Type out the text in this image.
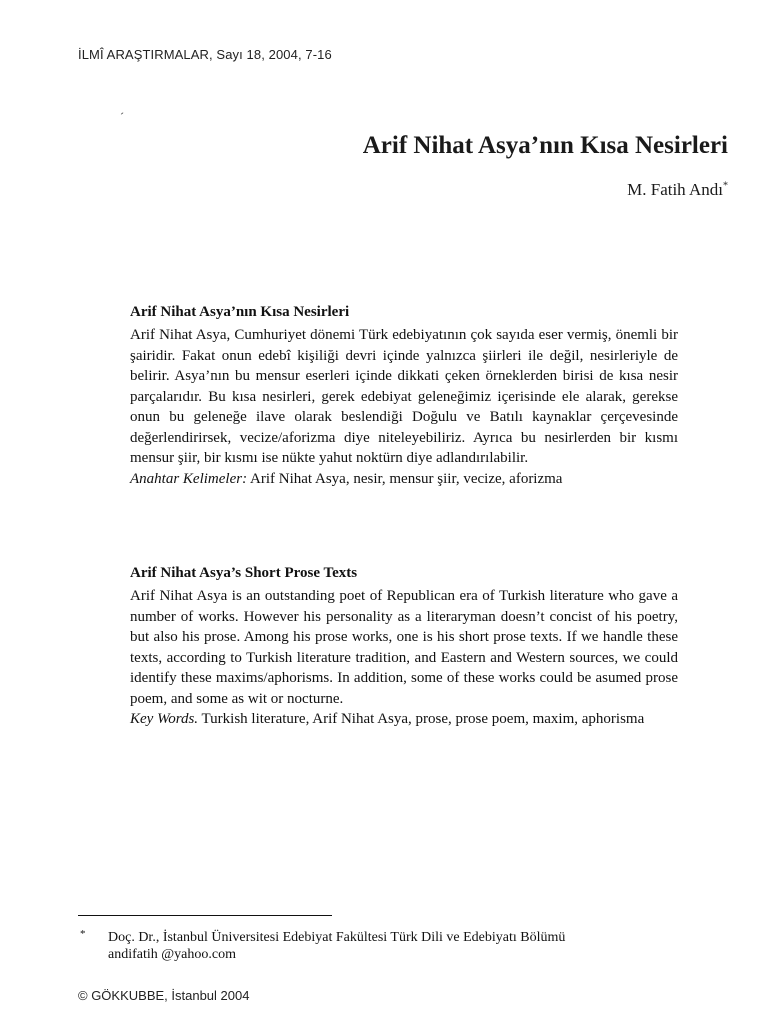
İLMÎ ARAŞTIRMALAR, Sayı 18, 2004, 7-16
´
Arif Nihat Asya’nın Kısa Nesirleri
M. Fatih Andı*
Arif Nihat Asya’nın Kısa Nesirleri

Arif Nihat Asya, Cumhuriyet dönemi Türk edebiyatının çok sayıda eser vermiş, önemli bir şairidir. Fakat onun edebî kişiliği devri içinde yalnızca şiirleri ile değil, nesirleriyle de belirir. Asya’nın bu mensur eserleri içinde dikkati çeken örneklerden birisi de kısa nesir parçalarıdır. Bu kısa nesirleri, gerek edebiyat geleneğimiz içerisinde ele alarak, gerekse onun bu geleneğe ilave olarak beslendiği Doğulu ve Batılı kaynaklar çerçevesinde değerlendirirsek, vecize/aforizma diye niteleyebiliriz. Ayrıca bu nesirlerden bir kısmı mensur şiir, bir kısmı ise nükte yahut noktürn diye adlandırılabilir.

Anahtar Kelimeler: Arif Nihat Asya, nesir, mensur şiir, vecize, aforizma

Arif Nihat Asya’s Short Prose Texts

Arif Nihat Asya is an outstanding poet of Republican era of Turkish literature who gave a number of works. However his personality as a literaryman doesn’t concist of his poetry, but also his prose. Among his prose works, one is his short prose texts. If we handle these texts, according to Turkish literature tradition, and Eastern and Western sources, we could identify these maxims/aphorisms. In addition, some of these works could be asumed prose poem, and some as wit or nocturne.

Key Words. Turkish literature, Arif Nihat Asya, prose, prose poem, maxim, aphorisma

* Doç. Dr., İstanbul Üniversitesi Edebiyat Fakültesi Türk Dili ve Edebiyatı Bölümü
andifatih @yahoo.com
© GÖKKUBBE, İstanbul 2004
